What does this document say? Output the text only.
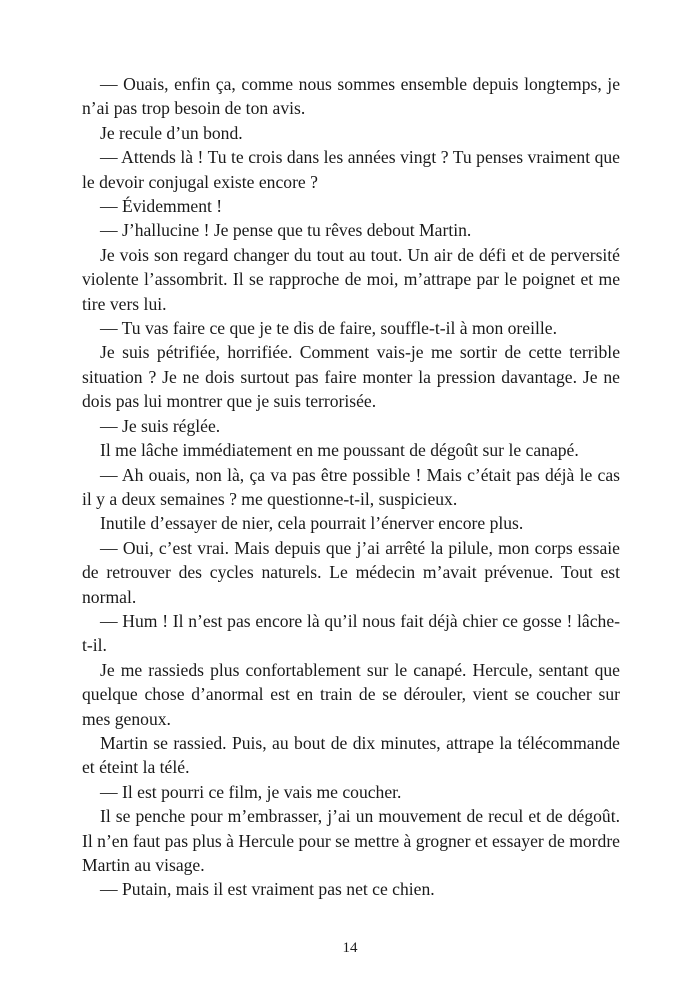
— Ouais, enfin ça, comme nous sommes ensemble depuis longtemps, je n’ai pas trop besoin de ton avis.

Je recule d’un bond.

— Attends là ! Tu te crois dans les années vingt ? Tu penses vraiment que le devoir conjugal existe encore ?

— Évidemment !

— J’hallucine ! Je pense que tu rêves debout Martin.

Je vois son regard changer du tout au tout. Un air de défi et de perversité violente l’assombrit. Il se rapproche de moi, m’attrape par le poignet et me tire vers lui.

— Tu vas faire ce que je te dis de faire, souffle-t-il à mon oreille.

Je suis pétrifiée, horrifiée. Comment vais-je me sortir de cette terrible situation ? Je ne dois surtout pas faire monter la pression davantage. Je ne dois pas lui montrer que je suis terrorisée.

— Je suis réglée.

Il me lâche immédiatement en me poussant de dégoût sur le canapé.

— Ah ouais, non là, ça va pas être possible ! Mais c’était pas déjà le cas il y a deux semaines ? me questionne-t-il, suspicieux.

Inutile d’essayer de nier, cela pourrait l’énerver encore plus.

— Oui, c’est vrai. Mais depuis que j’ai arrêté la pilule, mon corps essaie de retrouver des cycles naturels. Le médecin m’avait prévenue. Tout est normal.

— Hum ! Il n’est pas encore là qu’il nous fait déjà chier ce gosse ! lâche-t-il.

Je me rassieds plus confortablement sur le canapé. Hercule, sentant que quelque chose d’anormal est en train de se dérouler, vient se coucher sur mes genoux.

Martin se rassied. Puis, au bout de dix minutes, attrape la télécommande et éteint la télé.

— Il est pourri ce film, je vais me coucher.

Il se penche pour m’embrasser, j’ai un mouvement de recul et de dégoût. Il n’en faut pas plus à Hercule pour se mettre à grogner et essayer de mordre Martin au visage.

— Putain, mais il est vraiment pas net ce chien.

14
